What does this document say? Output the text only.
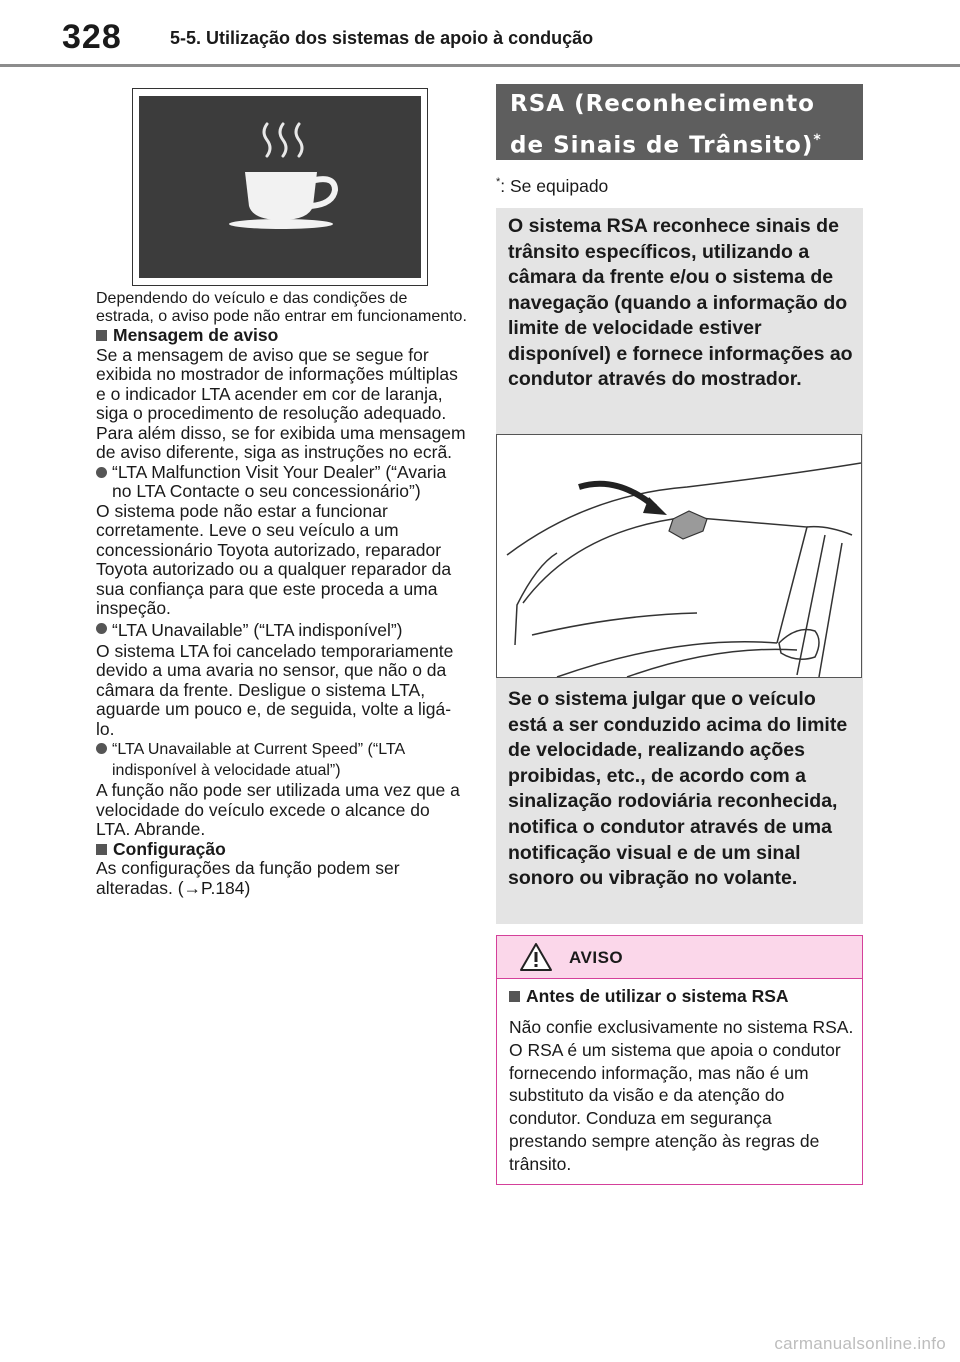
328	5-5. Utilização dos sistemas de apoio à condução

Dependendo do veículo e das condições de estrada, o aviso pode não entrar em funcionamento.

Mensagem de aviso

Se a mensagem de aviso que se segue for exibida no mostrador de informações múltiplas e o indicador LTA acender em cor de laranja, siga o procedimento de resolução adequado. Para além disso, se for exibida uma mensagem de aviso diferente, siga as instruções no ecrã.

“LTA Malfunction Visit Your Dealer” (“Avaria no LTA Contacte o seu concessionário”)

O sistema pode não estar a funcionar corretamente. Leve o seu veículo a um concessionário Toyota autorizado, reparador Toyota autorizado ou a qualquer reparador da sua confiança para que este proceda a uma inspeção.

“LTA Unavailable” (“LTA indisponível”)

O sistema LTA foi cancelado temporariamente devido a uma avaria no sensor, que não o da câmara da frente. Desligue o sistema LTA, aguarde um pouco e, de seguida, volte a ligá-lo.

“LTA Unavailable at Current Speed” (“LTA indisponível à velocidade atual”)

A função não pode ser utilizada uma vez que a velocidade do veículo excede o alcance do LTA. Abrande.

Configuração

As configurações da função podem ser alteradas. (→P.184)

RSA (Reconhecimento
de Sinais de Trânsito)*
*: Se equipado
O sistema RSA reconhece sinais de trânsito específicos, utilizando a câmara da frente e/ou o sistema de navegação (quando a informação do limite de velocidade estiver disponível) e fornece informações ao condutor através do mostrador.
Se o sistema julgar que o veículo está a ser conduzido acima do limite de velocidade, realizando ações proibidas, etc., de acordo com a sinalização rodoviária reconhecida, notifica o condutor através de uma notificação visual e de um sinal sonoro ou vibração no volante.
AVISO
Antes de utilizar o sistema RSA
Não confie exclusivamente no sistema RSA. O RSA é um sistema que apoia o condutor fornecendo informação, mas não é um substituto da visão e da atenção do condutor. Conduza em segurança prestando sempre atenção às regras de trânsito.
carmanualsonline.info
